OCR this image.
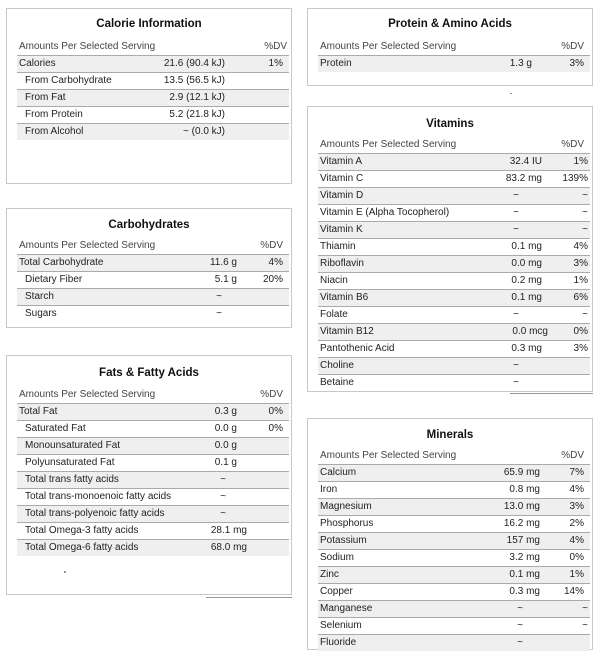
Calorie Information
Amounts Per Selected Serving	%DV
Calories	21.6 (90.4 kJ)	1%
From Carbohydrate	13.5 (56.5 kJ)
From Fat	2.9 (12.1 kJ)
From Protein	5.2 (21.8 kJ)
From Alcohol	~ (0.0 kJ)
Carbohydrates
Amounts Per Selected Serving	%DV
Total Carbohydrate	11.6 g	4%
Dietary Fiber	5.1 g	20%
Starch	~
Sugars	~
Fats & Fatty Acids
Amounts Per Selected Serving	%DV
Total Fat	0.3 g	0%
Saturated Fat	0.0 g	0%
Monounsaturated Fat	0.0 g
Polyunsaturated Fat	0.1 g
Total trans fatty acids	~
Total trans-monoenoic fatty acids	~
Total trans-polyenoic fatty acids	~
Total Omega-3 fatty acids	28.1 mg
Total Omega-6 fatty acids	68.0 mg
Protein & Amino Acids
Amounts Per Selected Serving	%DV
Protein	1.3 g	3%
Vitamins
Amounts Per Selected Serving	%DV
Vitamin A	32.4 IU	1%
Vitamin C	83.2 mg 139%
Vitamin D	~	~
Vitamin E (Alpha Tocopherol)	~	~
Vitamin K	~	~
Thiamin	0.1 mg	4%
Riboflavin	0.0 mg	3%
Niacin	0.2 mg	1%
Vitamin B6	0.1 mg	6%
Folate	~	~
Vitamin B12	0.0 mcg	0%
Pantothenic Acid	0.3 mg	3%
Choline	~
Betaine	~
Minerals
Amounts Per Selected Serving	%DV
Calcium	65.9 mg	7%
Iron	0.8 mg	4%
Magnesium	13.0 mg	3%
Phosphorus	16.2 mg	2%
Potassium	157 mg	4%
Sodium	3.2 mg	0%
Zinc	0.1 mg	1%
Copper	0.3 mg 14%
Manganese	~	~
Selenium	~	~
Fluoride	~
